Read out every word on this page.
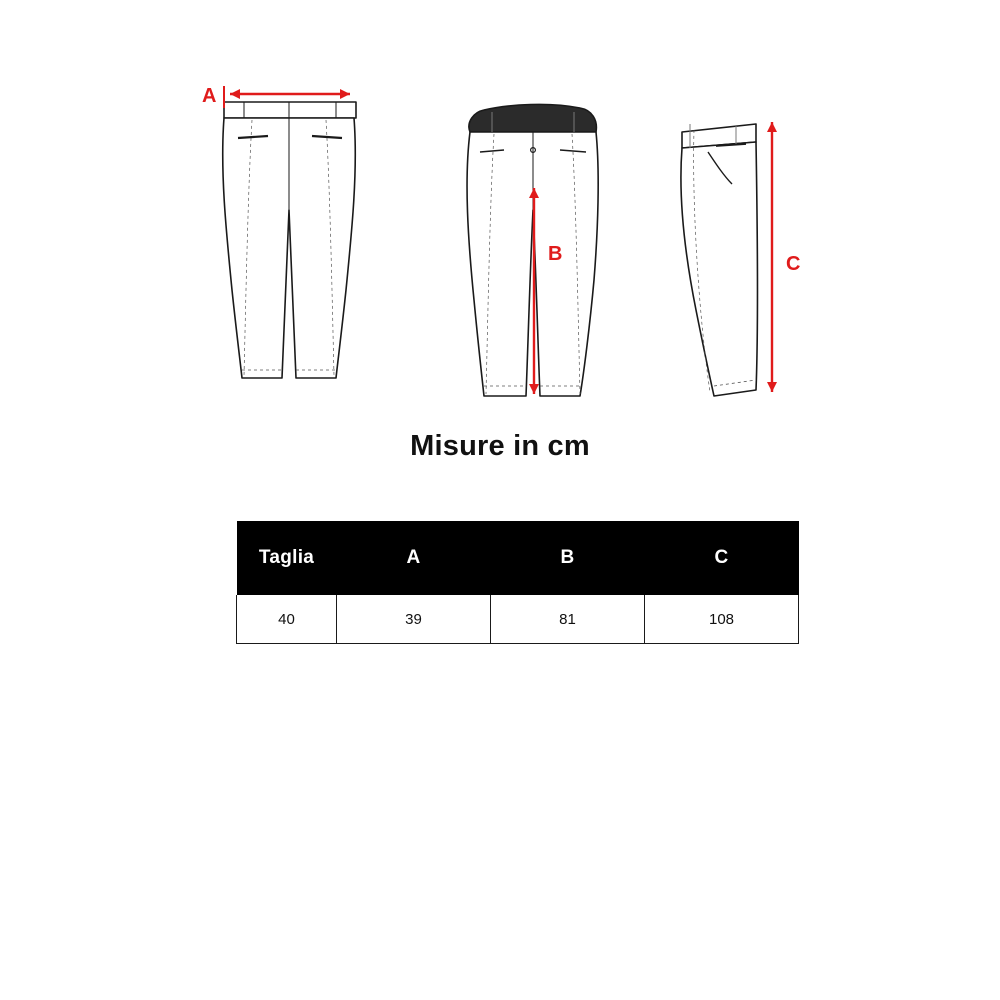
A
B	C
Misure in cm
Taglia	A	B	C
40	39	81	108
